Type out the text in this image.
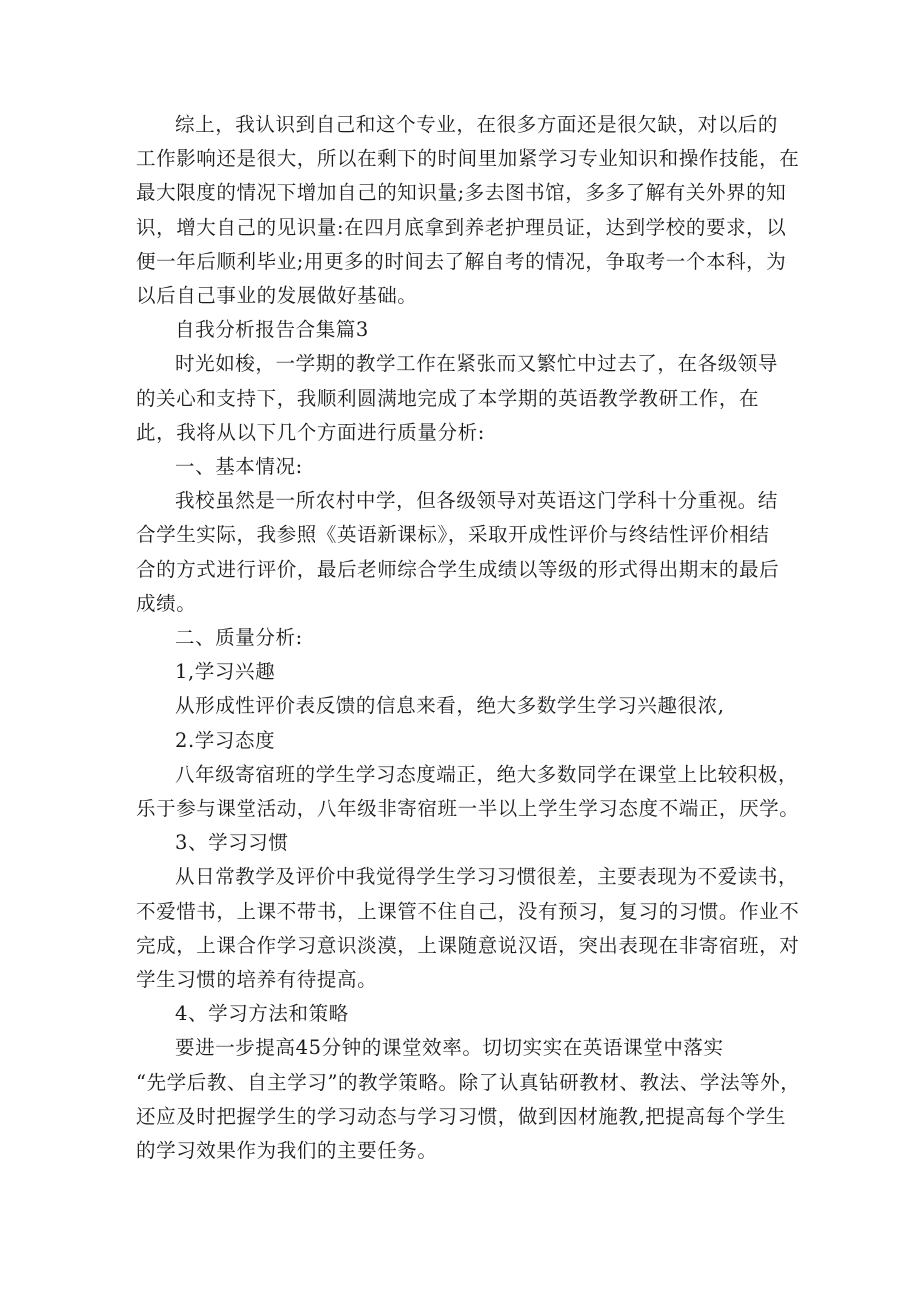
综上，我认识到自己和这个专业，在很多方面还是很欠缺，对以后的
工作影响还是很大，所以在剩下的时间里加紧学习专业知识和操作技能，在
最大限度的情况下增加自己的知识量;多去图书馆，多多了解有关外界的知
识，增大自己的见识量:在四月底拿到养老护理员证，达到学校的要求，以
便一年后顺利毕业;用更多的时间去了解自考的情况，争取考一个本科，为
以后自己事业的发展做好基础。

自我分析报告合集篇3

时光如梭，一学期的教学工作在紧张而又繁忙中过去了，在各级领导
的关心和支持下，我顺利圆满地完成了本学期的英语教学教研工作，在
此，我将从以下几个方面进行质量分析:

一、基本情况:

我校虽然是一所农村中学，但各级领导对英语这门学科十分重视。结
合学生实际，我参照《英语新课标》，采取开成性评价与终结性评价相结
合的方式进行评价，最后老师综合学生成绩以等级的形式得出期末的最后
成绩。

二、质量分析:

1,学习兴趣

从形成性评价表反馈的信息来看，绝大多数学生学习兴趣很浓,

2.学习态度

八年级寄宿班的学生学习态度端正，绝大多数同学在课堂上比较积极，
乐于参与课堂活动，八年级非寄宿班一半以上学生学习态度不端正，厌学。

3、学习习惯

从日常教学及评价中我觉得学生学习习惯很差，主要表现为不爱读书，
不爱惜书，上课不带书，上课管不住自己，没有预习，复习的习惯。作业不
完成，上课合作学习意识淡漠，上课随意说汉语，突出表现在非寄宿班，对
学生习惯的培养有待提高。

4、学习方法和策略

要进一步提高45分钟的课堂效率。切切实实在英语课堂中落实
“先学后教、自主学习”的教学策略。除了认真钻研教材、教法、学法等外，
还应及时把握学生的学习动态与学习习惯，做到因材施教,把提高每个学生
的学习效果作为我们的主要任务。
